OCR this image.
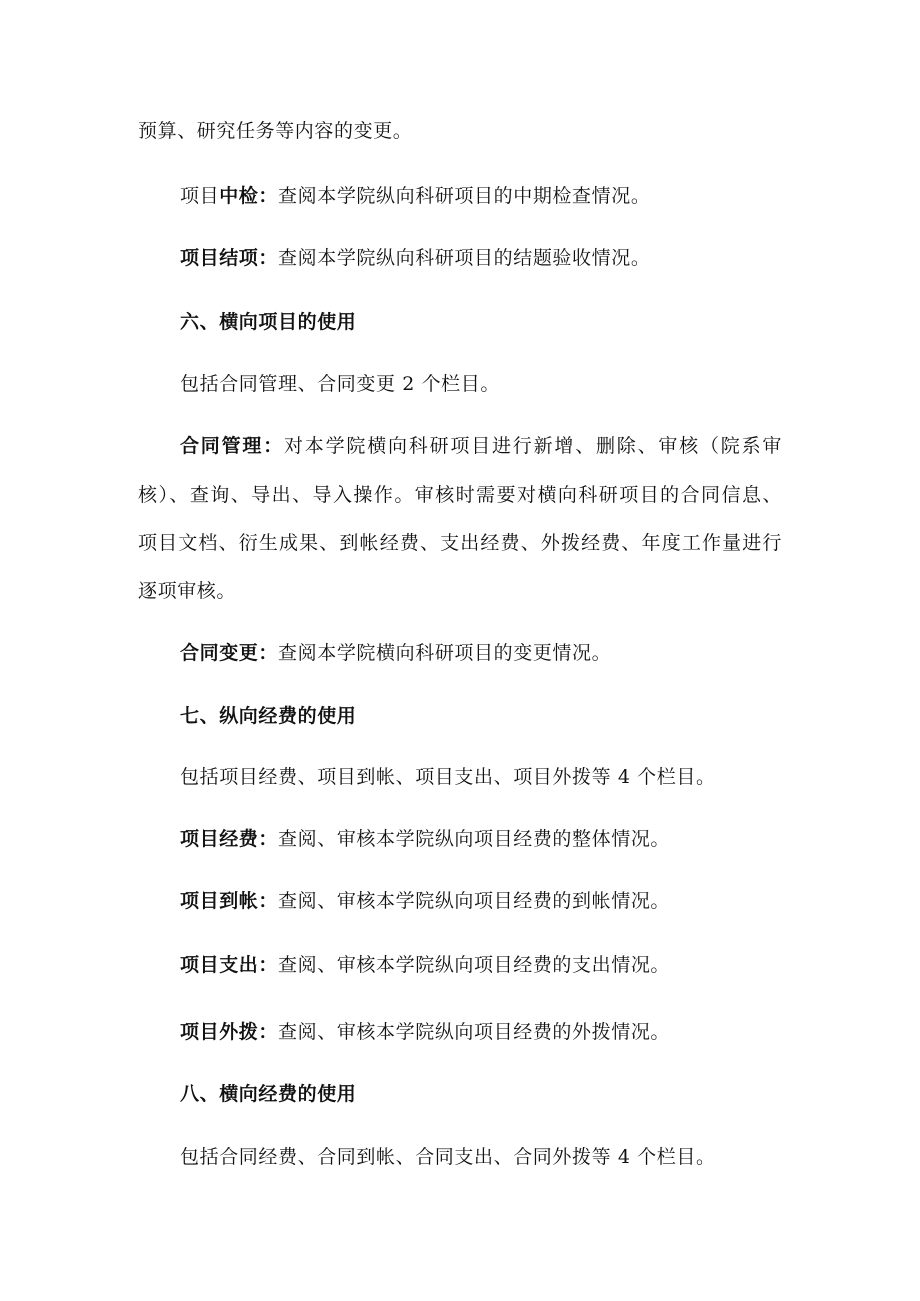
预算、研究任务等内容的变更。
项目中检：查阅本学院纵向科研项目的中期检查情况。
项目结项：查阅本学院纵向科研项目的结题验收情况。
六、横向项目的使用
包括合同管理、合同变更 2 个栏目。
合同管理：对本学院横向科研项目进行新增、删除、审核（院系审
核）、查询、导出、导入操作。审核时需要对横向科研项目的合同信息、
项目文档、衍生成果、到帐经费、支出经费、外拨经费、年度工作量进行
逐项审核。
合同变更：查阅本学院横向科研项目的变更情况。
七、纵向经费的使用
包括项目经费、项目到帐、项目支出、项目外拨等 4 个栏目。
项目经费：查阅、审核本学院纵向项目经费的整体情况。
项目到帐：查阅、审核本学院纵向项目经费的到帐情况。
项目支出：查阅、审核本学院纵向项目经费的支出情况。
项目外拨：查阅、审核本学院纵向项目经费的外拨情况。
八、横向经费的使用
包括合同经费、合同到帐、合同支出、合同外拨等 4 个栏目。
